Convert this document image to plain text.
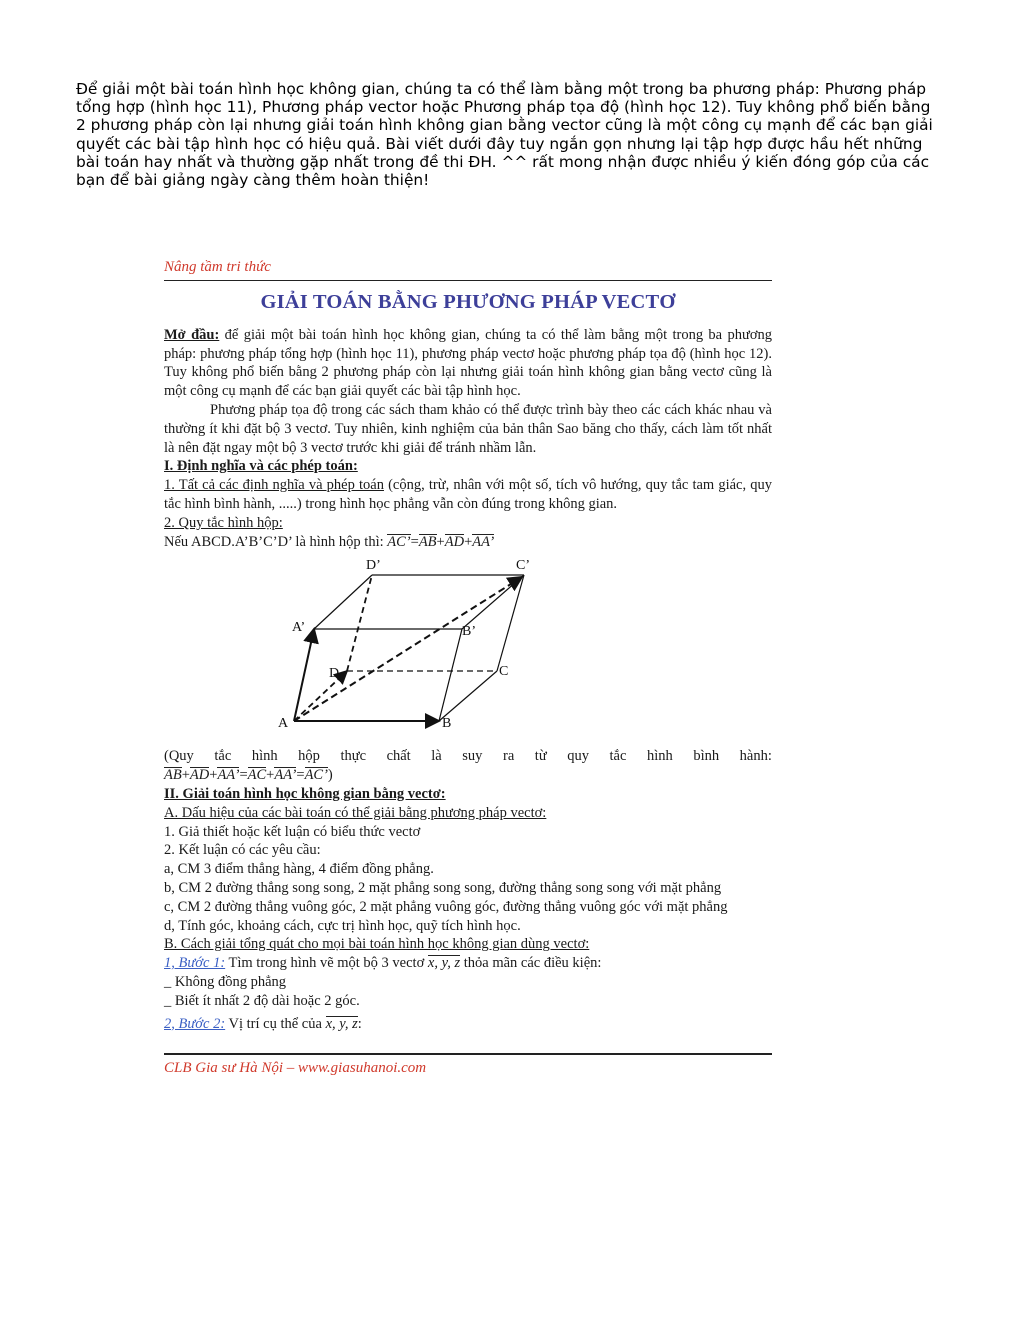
Để giải một bài toán hình học không gian, chúng ta có thể làm bằng một trong ba phương pháp: Phương pháp tổng hợp (hình học 11), Phương pháp vector hoặc Phương pháp tọa độ (hình học 12). Tuy không phổ biến bằng 2 phương pháp còn lại nhưng giải toán hình không gian bằng vector cũng là một công cụ mạnh để các bạn giải quyết các bài tập hình học có hiệu quả. Bài viết dưới đây tuy ngắn gọn nhưng lại tập hợp được hầu hết những bài toán hay nhất và thường gặp nhất trong đề thi ĐH. ^^ rất mong nhận được nhiều ý kiến đóng góp của các bạn để bài giảng ngày càng thêm hoàn thiện!
Nâng tầm tri thức
GIẢI TOÁN BẰNG PHƯƠNG PHÁP VECTƠ

Mở đầu: để giải một bài toán hình học không gian, chúng ta có thể làm bằng một trong ba phương pháp: phương pháp tổng hợp (hình học 11), phương pháp vectơ hoặc phương pháp tọa độ (hình học 12). Tuy không phổ biến bằng 2 phương pháp còn lại nhưng giải toán hình không gian bằng vectơ cũng là một công cụ mạnh để các bạn giải quyết các bài tập hình học.

Phương pháp tọa độ trong các sách tham khảo có thể được trình bày theo các cách khác nhau và thường ít khi đặt bộ 3 vectơ. Tuy nhiên, kinh nghiệm của bản thân Sao băng cho thấy, cách làm tốt nhất là nên đặt ngay một bộ 3 vectơ trước khi giải để tránh nhầm lẫn.

I. Định nghĩa và các phép toán:

1. Tất cả các định nghĩa và phép toán (cộng, trừ, nhân với một số, tích vô hướng, quy tắc tam giác, quy tắc hình bình hành, .....) trong hình học phẳng vẫn còn đúng trong không gian.

2. Quy tắc hình hộp:
Nếu ABCD.A’B’C’D’ là hình hộp thì: AC’=AB+AD+AA’
A	B
C
D
A’	B’
C’
D’
(Quy tắc hình hộp thực chất là suy ra từ quy tắc hình bình hành:
AB+AD+AA’=AC+AA’=AC’)
II. Giải toán hình học không gian bằng vectơ:
A. Dấu hiệu của các bài toán có thể giải bằng phương pháp vectơ:
1. Giả thiết hoặc kết luận có biểu thức vectơ
2. Kết luận có các yêu cầu:
a, CM 3 điểm thẳng hàng, 4 điểm đồng phẳng.
b, CM 2 đường thẳng song song, 2 mặt phẳng song song, đường thẳng song song với mặt phẳng
c, CM 2 đường thẳng vuông góc, 2 mặt phẳng vuông góc, đường thẳng vuông góc với mặt phẳng
d, Tính góc, khoảng cách, cực trị hình học, quỹ tích hình học.
B. Cách giải tổng quát cho mọi bài toán hình học không gian dùng vectơ:
1, Bước 1: Tìm trong hình vẽ một bộ 3 vectơ x, y, z thỏa mãn các điều kiện:
_ Không đồng phẳng
_ Biết ít nhất 2 độ dài hoặc 2 góc.
2, Bước 2: Vị trí cụ thể của x, y, z:
CLB Gia sư Hà Nội – www.giasuhanoi.com
